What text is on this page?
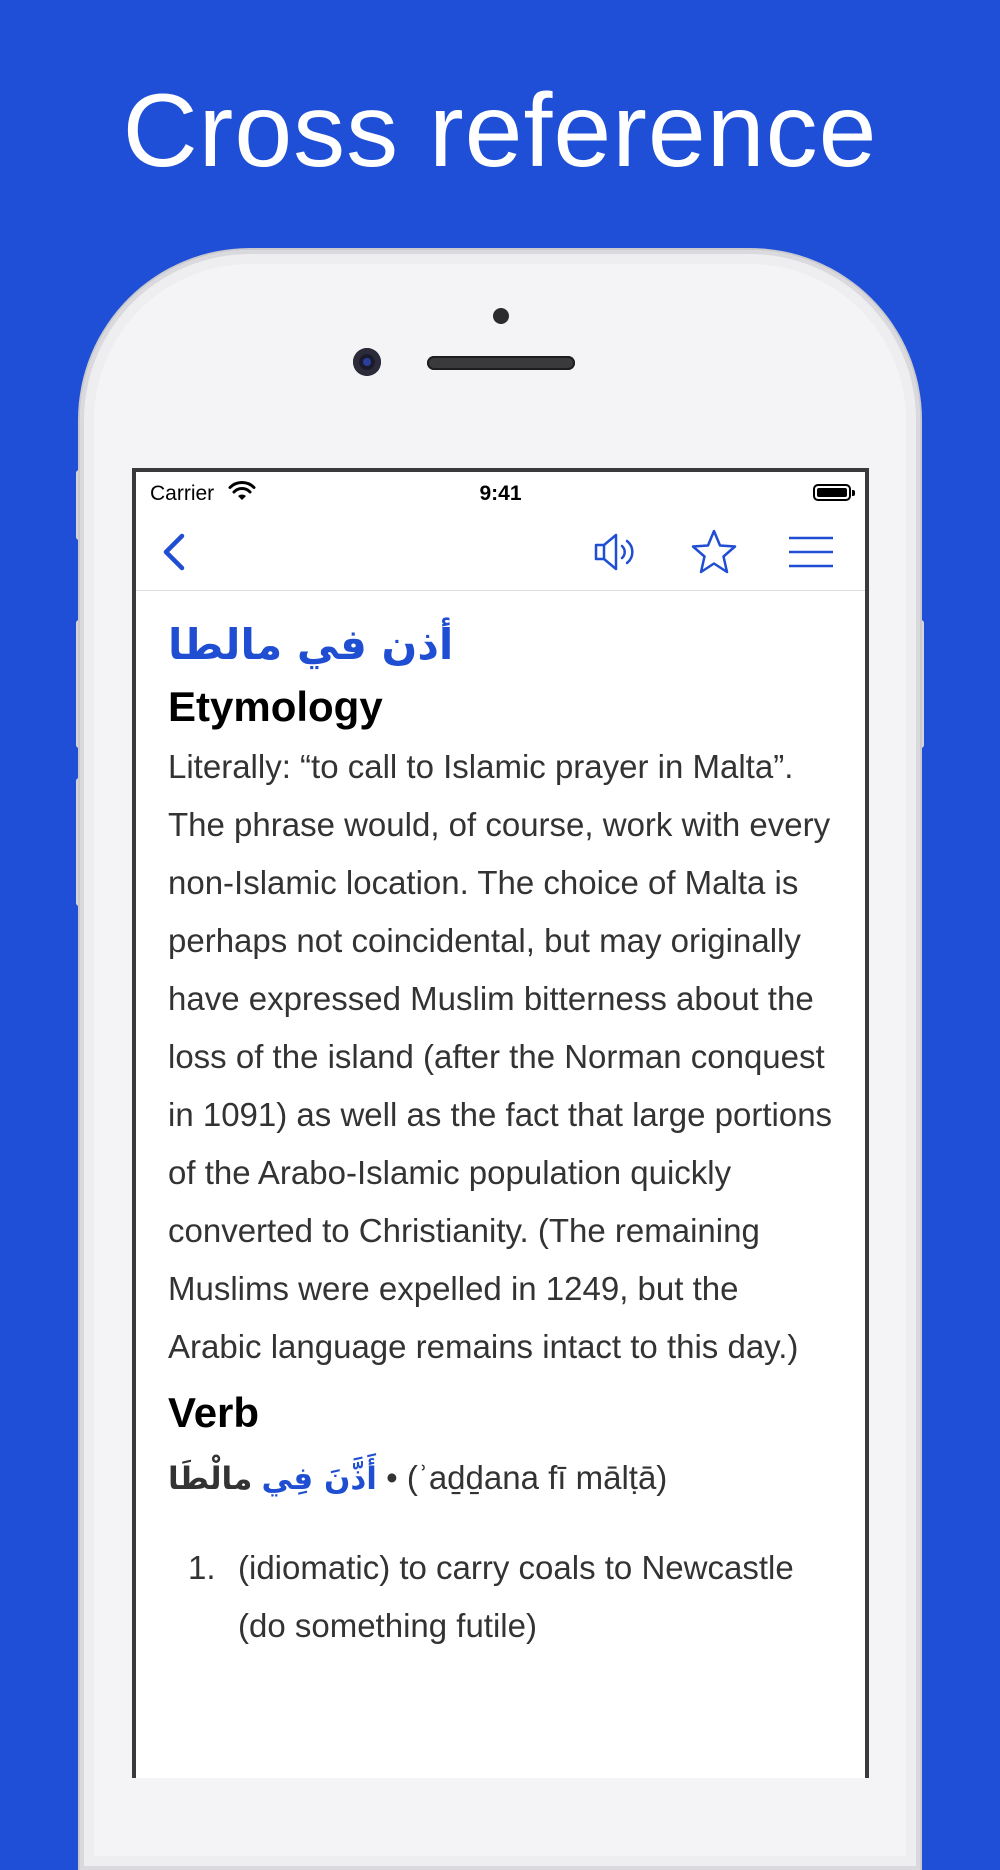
Cross reference
Carrier	9:41
أذن في مالطا
Etymology
Literally: “to call to Islamic prayer in Malta”. The phrase would, of course, work with every non-Islamic location. The choice of Malta is perhaps not coincidental, but may originally have expressed Muslim bitterness about the loss of the island (after the Norman conquest in 1091) as well as the fact that large portions of the Arabo-Islamic population quickly converted to Christianity. (The remaining Muslims were expelled in 1249, but the Arabic language remains intact to this day.)
Verb
أَذَّنَ فِي مالْطَا	• (ʾaḏḏana fī mālṭā)
1. (idiomatic) to carry coals to Newcastle (do something futile)
